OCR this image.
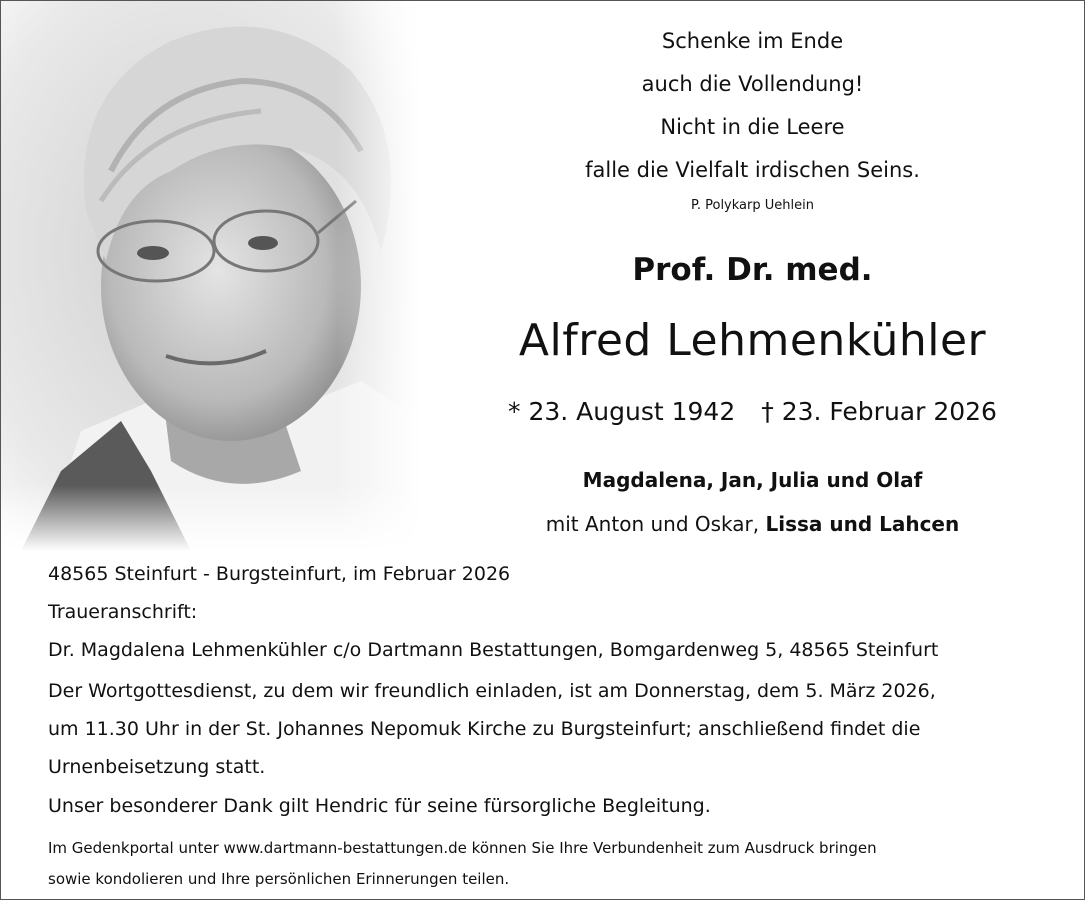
Schenke im Ende
auch die Vollendung!
Nicht in die Leere
falle die Vielfalt irdischen Seins.
P. Polykarp Uehlein
Prof. Dr. med.
Alfred Lehmenkühler
* 23. August 1942 † 23. Februar 2026
Magdalena, Jan, Julia und Olaf
mit Anton und Oskar, Lissa und Lahcen
48565 Steinfurt - Burgsteinfurt, im Februar 2026
Traueranschrift:
Dr. Magdalena Lehmenkühler c/o Dartmann Bestattungen, Bomgardenweg 5, 48565 Steinfurt
Der Wortgottesdienst, zu dem wir freundlich einladen, ist am Donnerstag, dem 5. März 2026,
um 11.30 Uhr in der St. Johannes Nepomuk Kirche zu Burgsteinfurt; anschließend findet die
Urnenbeisetzung statt.
Unser besonderer Dank gilt Hendric für seine fürsorgliche Begleitung.
Im Gedenkportal unter www.dartmann-bestattungen.de können Sie Ihre Verbundenheit zum Ausdruck bringen
sowie kondolieren und Ihre persönlichen Erinnerungen teilen.
